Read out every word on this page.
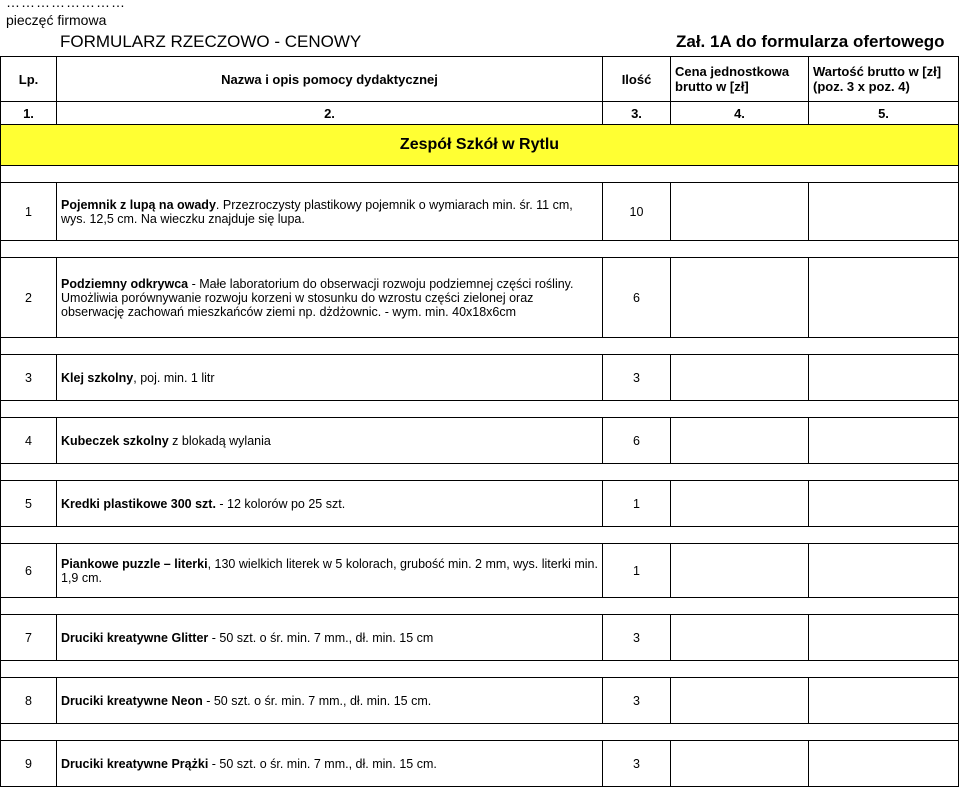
……………………
pieczęć firmowa
FORMULARZ RZECZOWO - CENOWY	Zał. 1A do formularza ofertowego
Lp.	Nazwa i opis pomocy dydaktycznej	Ilość	Cena jednostkowa brutto w [zł]	Wartość brutto w [zł] (poz. 3 x poz. 4)
1.	2.	3.	4.	5.
Zespół Szkół w Rytlu				

1	Pojemnik z lupą na owady. Przezroczysty plastikowy pojemnik o wymiarach min. śr. 11 cm, wys. 12,5 cm. Na wieczku znajduje się lupa.	10		

2	Podziemny odkrywca - Małe laboratorium do obserwacji rozwoju podziemnej części rośliny. Umożliwia porównywanie rozwoju korzeni w stosunku do wzrostu części zielonej oraz obserwację zachowań mieszkańców ziemi np. dżdżownic. - wym. min. 40x18x6cm	6		

3	Klej szkolny, poj. min. 1 litr	3		

4	Kubeczek szkolny z blokadą wylania	6		

5	Kredki plastikowe 300 szt. - 12 kolorów po 25 szt.	1		

6	Piankowe puzzle – literki, 130 wielkich literek w 5 kolorach, grubość min. 2 mm, wys. literki min. 1,9 cm.	1		

7	Druciki kreatywne Glitter - 50 szt. o śr. min. 7 mm., dł. min. 15 cm	3		

8	Druciki kreatywne Neon - 50 szt. o śr. min. 7 mm., dł. min. 15 cm.	3		

9	Druciki kreatywne Prążki - 50 szt. o śr. min. 7 mm., dł. min. 15 cm.	3		
